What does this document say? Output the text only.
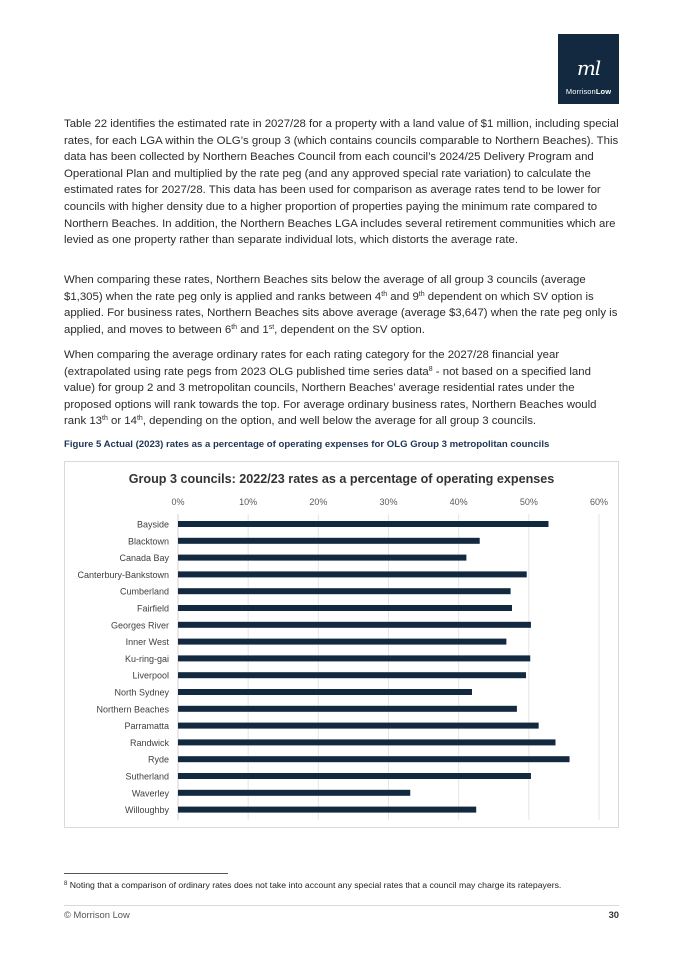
ml
MorrisonLow

Table 22 identifies the estimated rate in 2027/28 for a property with a land value of $1 million, including special rates, for each LGA within the OLG’s group 3 (which contains councils comparable to Northern Beaches). This data has been collected by Northern Beaches Council from each council’s 2024/25 Delivery Program and Operational Plan and multiplied by the rate peg (and any approved special rate variation) to calculate the estimated rates for 2027/28. This data has been used for comparison as average rates tend to be lower for councils with higher density due to a higher proportion of properties paying the minimum rate compared to Northern Beaches. In addition, the Northern Beaches LGA includes several retirement communities which are levied as one property rather than separate individual lots, which distorts the average rate.

When comparing these rates, Northern Beaches sits below the average of all group 3 councils (average $1,305) when the rate peg only is applied and ranks between 4th and 9th dependent on which SV option is applied. For business rates, Northern Beaches sits above average (average $3,647) when the rate peg only is applied, and moves to between 6th and 1st, dependent on the SV option.

When comparing the average ordinary rates for each rating category for the 2027/28 financial year (extrapolated using rate pegs from 2023 OLG published time series data$^8$ - not based on a specified land value) for group 2 and 3 metropolitan councils, Northern Beaches’ average residential rates under the proposed options will rank towards the top. For average ordinary business rates, Northern Beaches would rank 13th or 14th, depending on the option, and well below the average for all group 3 councils.

Figure 5 Actual (2023) rates as a percentage of operating expenses for OLG Group 3 metropolitan councils
Group 3 councils: 2022/23 rates as a percentage of operating expenses
0%	10%	20%	30%	40%	50%	60%
Bayside
Blacktown
Canada Bay
Canterbury-Bankstown
Cumberland
Fairfield
Georges River
Inner West
Ku-ring-gai
Liverpool
North Sydney
Northern Beaches
Parramatta
Randwick
Ryde
Sutherland
Waverley
Willoughby
$^8$ Noting that a comparison of ordinary rates does not take into account any special rates that a council may charge its ratepayers.
© Morrison Low	30
